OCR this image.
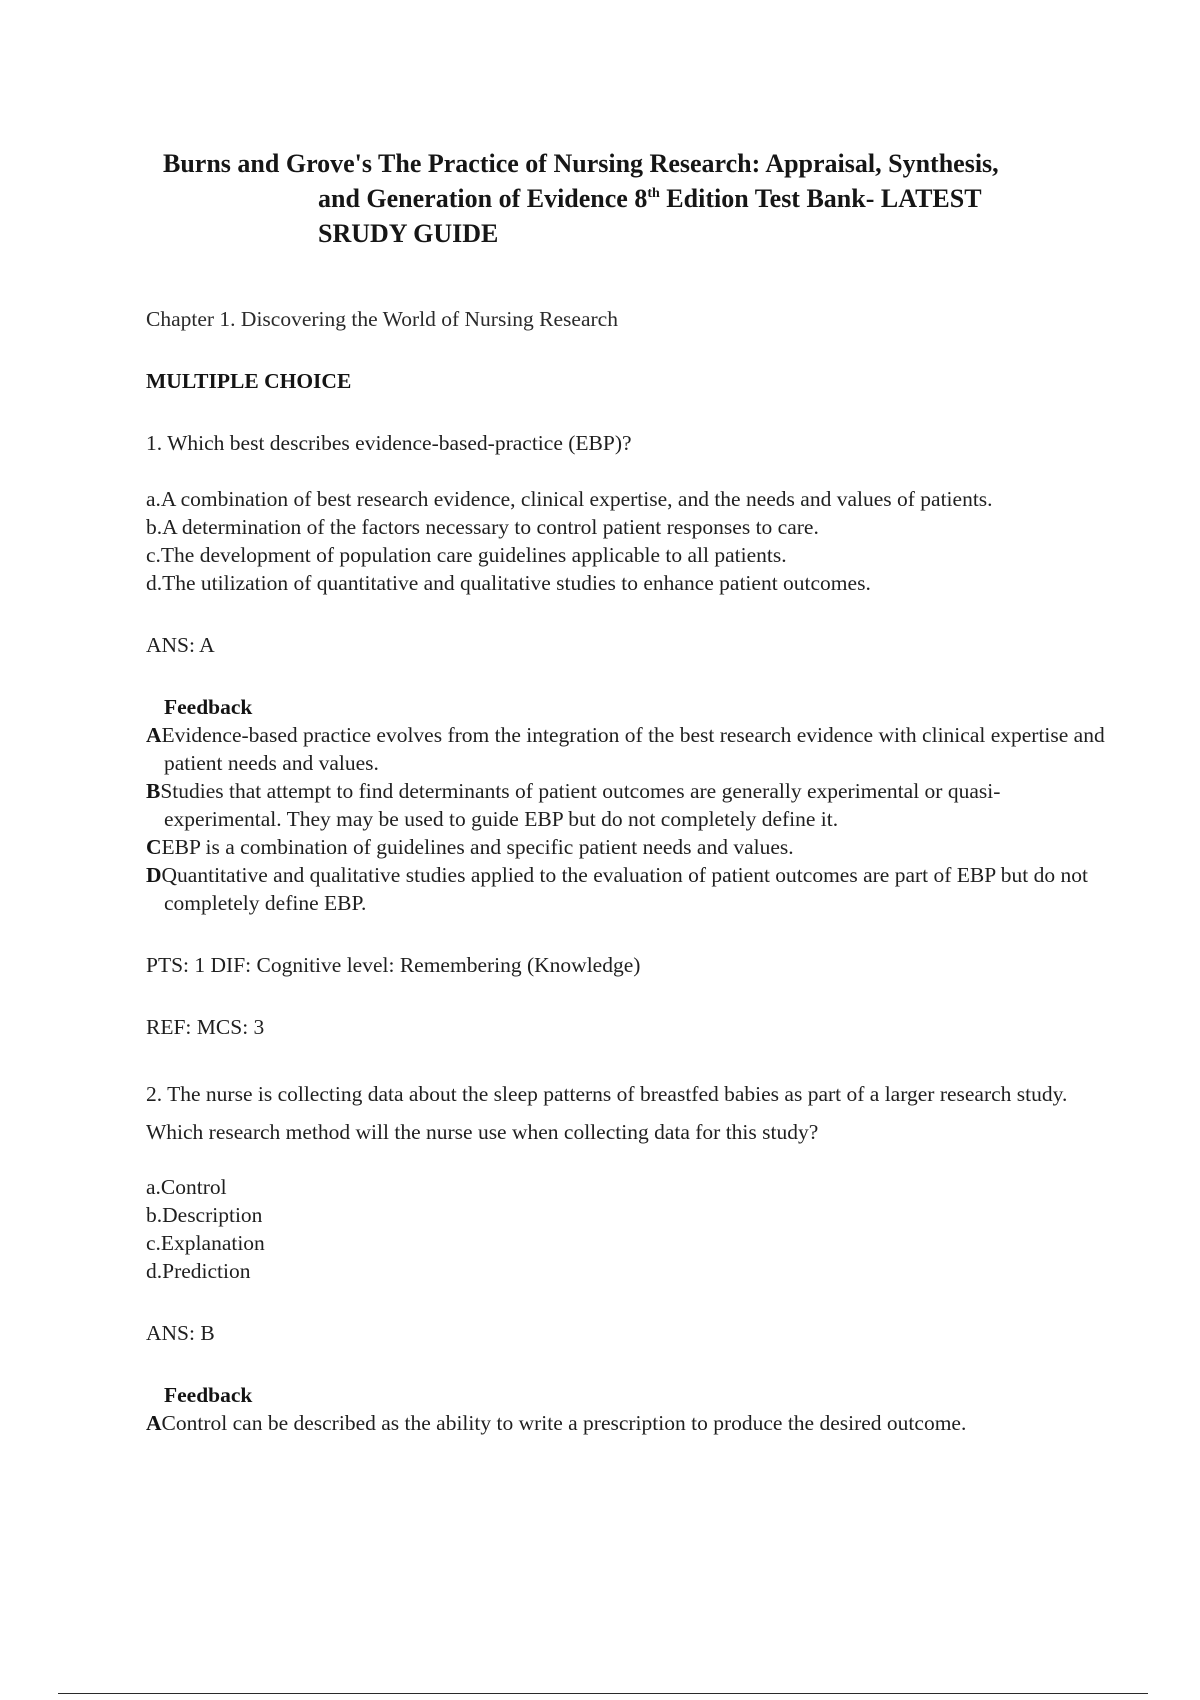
Burns and Grove's The Practice of Nursing Research: Appraisal, Synthesis,
and Generation of Evidence 8th Edition Test Bank- LATEST
SRUDY GUIDE

Chapter 1. Discovering the World of Nursing Research

MULTIPLE CHOICE

1. Which best describes evidence-based-practice (EBP)?

a.A combination of best research evidence, clinical expertise, and the needs and values of patients.
b.A determination of the factors necessary to control patient responses to care.
c.The development of population care guidelines applicable to all patients.
d.The utilization of quantitative and qualitative studies to enhance patient outcomes.

ANS: A

Feedback

AEvidence-based practice evolves from the integration of the best research evidence with clinical expertise and patient needs and values.
BStudies that attempt to find determinants of patient outcomes are generally experimental or quasi-experimental. They may be used to guide EBP but do not completely define it.
CEBP is a combination of guidelines and specific patient needs and values.
DQuantitative and qualitative studies applied to the evaluation of patient outcomes are part of EBP but do not completely define EBP.

PTS: 1 DIF: Cognitive level: Remembering (Knowledge)

REF: MCS: 3

2. The nurse is collecting data about the sleep patterns of breastfed babies as part of a larger research study. Which research method will the nurse use when collecting data for this study?

a.Control
b.Description
c.Explanation
d.Prediction

ANS: B

Feedback

AControl can be described as the ability to write a prescription to produce the desired outcome.
